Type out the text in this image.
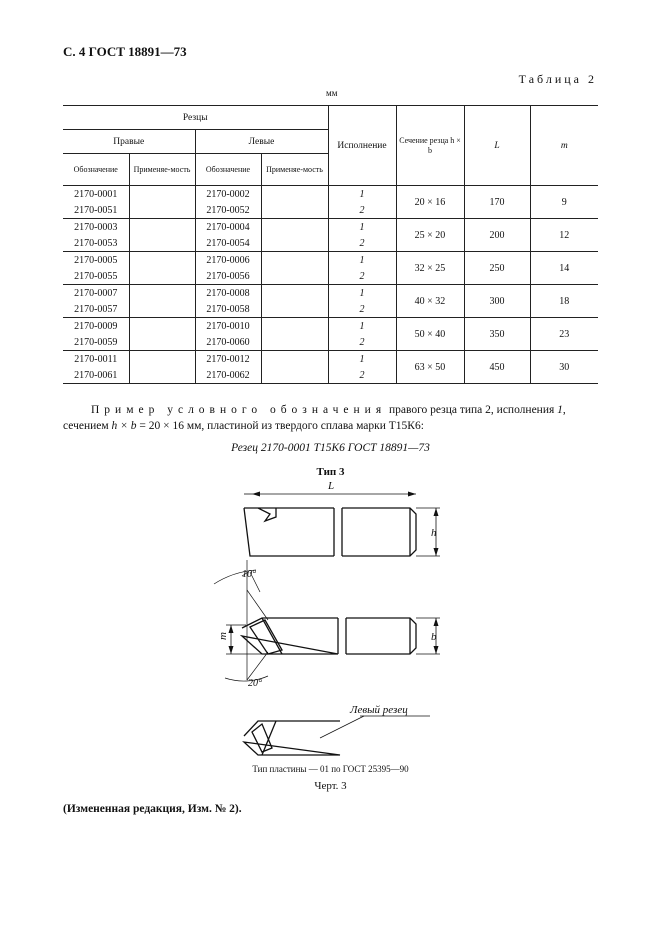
С. 4 ГОСТ 18891—73
Таблица 2
мм
Резцы				Исполнение	Сечение резца h × b	L	m
Правые		Левые					
Обозначение	Применяе-мость	Обозначение	Применяе-мость				
2170-0001		2170-0002		1	20 × 16	170	9
2170-0051		2170-0052		2			
2170-0003		2170-0004		1	25 × 20	200	12
2170-0053		2170-0054		2			
2170-0005		2170-0006		1	32 × 25	250	14
2170-0055		2170-0056		2			
2170-0007		2170-0008		1	40 × 32	300	18
2170-0057		2170-0058		2			
2170-0009		2170-0010		1	50 × 40	350	23
2170-0059		2170-0060		2			
2170-0011		2170-0012		1	63 × 50	450	30
2170-0061		2170-0062		2			
Пример условного обозначения правого резца типа 2, исполнения 1, сечением h × b = 20 × 16 мм, пластиной из твердого сплава марки Т15К6:
Резец 2170-0001 Т15К6 ГОСТ 18891—73
Тип 3
L
h
10°
20°
m	b
Левый резец
Тип пластины — 01 по ГОСТ 25395—90
Черт. 3
(Измененная редакция, Изм. № 2).
